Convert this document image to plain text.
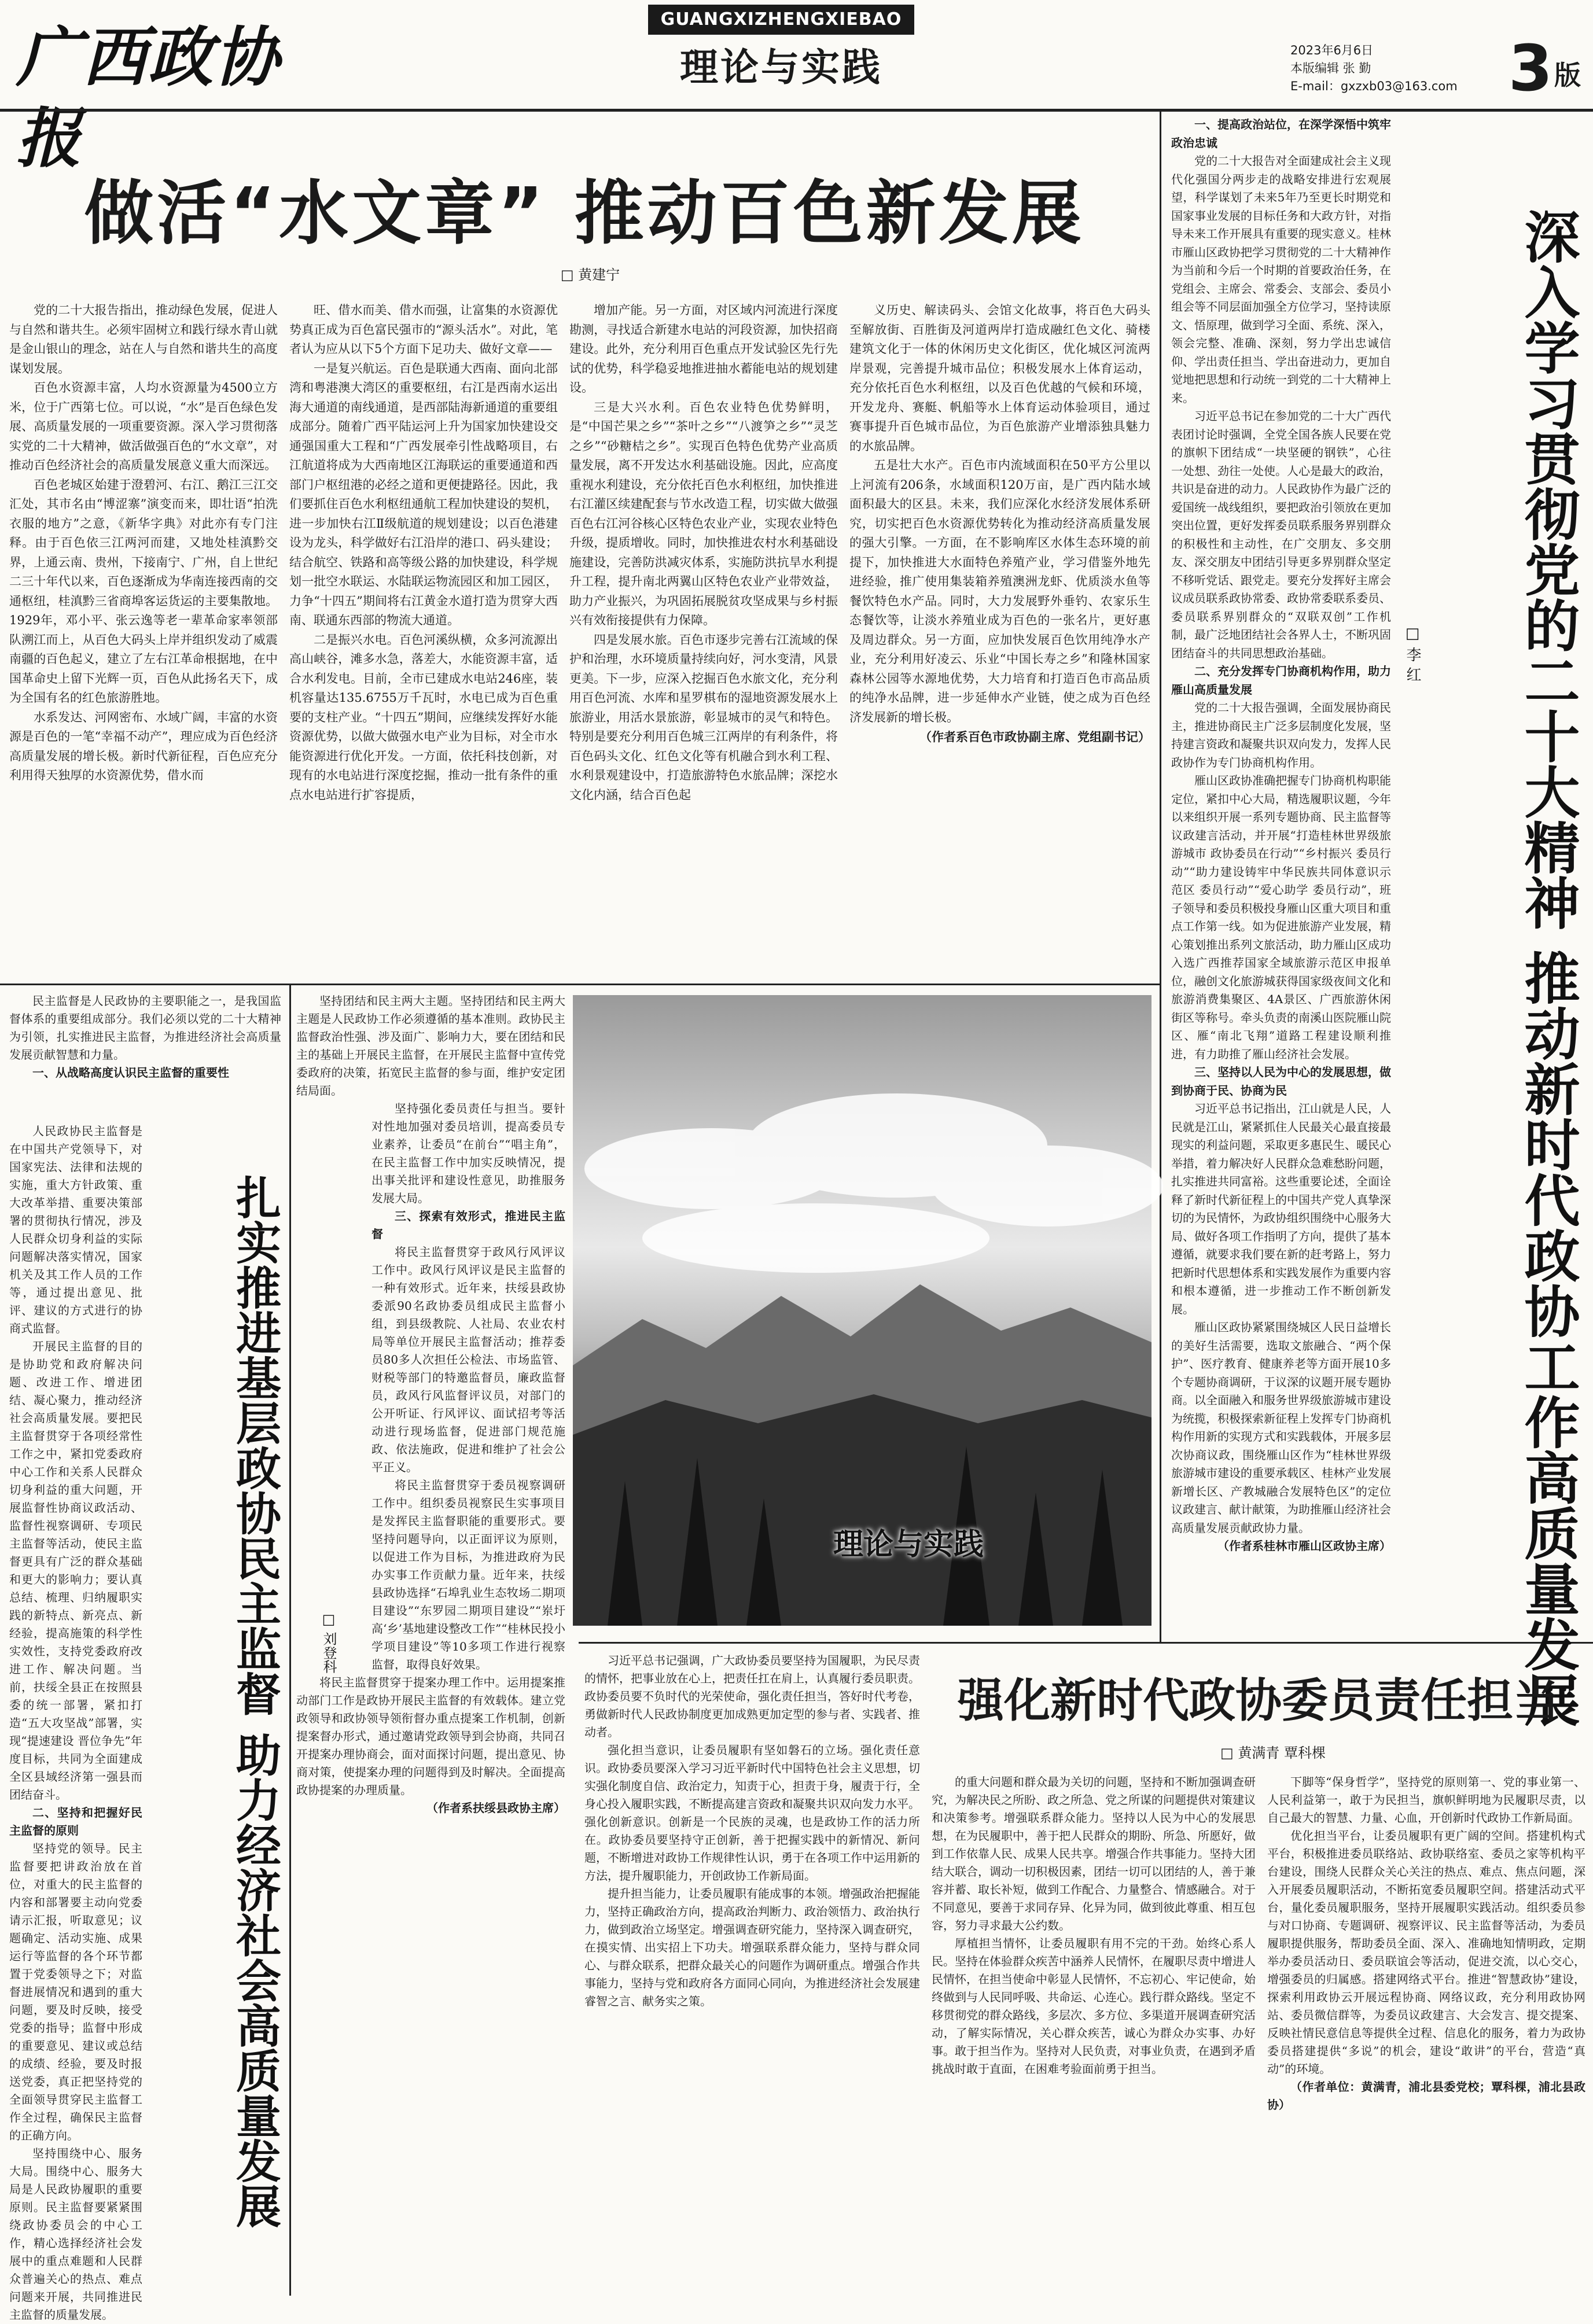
广西政协报
GUANGXIZHENGXIEBAO
理论与实践	2023年6月6日
本版编辑 张 勤
E-mail：gxzxb03@163.com 3 版
做活“水文章” 推动百色新发展
□ 黄建宁

党的二十大报告指出，推动绿色发展，促进人与自然和谐共生。必须牢固树立和践行绿水青山就是金山银山的理念，站在人与自然和谐共生的高度谋划发展。

百色水资源丰富，人均水资源量为4500立方米，位于广西第七位。可以说，“水”是百色绿色发展、高质量发展的一项重要资源。深入学习贯彻落实党的二十大精神，做活做强百色的“水文章”，对推动百色经济社会的高质量发展意义重大而深远。

百色老城区始建于澄碧河、右江、鹅江三江交汇处，其市名由“博涩寨”演变而来，即壮语“拍洗衣服的地方”之意，《新华字典》对此亦有专门注释。由于百色依三江两河而建，又地处桂滇黔交界，上通云南、贵州，下接南宁、广州，自上世纪二三十年代以来，百色逐渐成为华南连接西南的交通枢纽，桂滇黔三省商埠客运货运的主要集散地。1929年，邓小平、张云逸等老一辈革命家率领部队溯江而上，从百色大码头上岸并组织发动了威震南疆的百色起义，建立了左右江革命根据地，在中国革命史上留下光辉一页，百色从此扬名天下，成为全国有名的红色旅游胜地。

水系发达、河网密布、水域广阔，丰富的水资源是百色的一笔“幸福不动产”，理应成为百色经济高质量发展的增长极。新时代新征程，百色应充分利用得天独厚的水资源优势，借水而

旺、借水而美、借水而强，让富集的水资源优势真正成为百色富民强市的“源头活水”。对此，笔者认为应从以下5个方面下足功夫、做好文章——

一是复兴航运。百色是联通大西南、面向北部湾和粤港澳大湾区的重要枢纽，右江是西南水运出海大通道的南线通道，是西部陆海新通道的重要组成部分。随着广西平陆运河上升为国家加快建设交通强国重大工程和“广西发展牵引性战略项目，右江航道将成为大西南地区江海联运的重要通道和西部门户枢纽港的必经之道和更便捷路径。因此，我们要抓住百色水利枢纽通航工程加快建设的契机，进一步加快右江Ⅱ级航道的规划建设；以百色港建设为龙头，科学做好右江沿岸的港口、码头建设；结合航空、铁路和高等级公路的加快建设，科学规划一批空水联运、水陆联运物流园区和加工园区，力争“十四五”期间将右江黄金水道打造为贯穿大西南、联通东西部的物流大通道。

二是振兴水电。百色河溪纵横，众多河流源出高山峡谷，滩多水急，落差大，水能资源丰富，适合水利发电。目前，全市已建成水电站246座，装机容量达135.6755万千瓦时，水电已成为百色重要的支柱产业。“十四五”期间，应继续发挥好水能资源优势，以做大做强水电产业为目标，对全市水能资源进行优化开发。一方面，依托科技创新，对现有的水电站进行深度挖掘，推动一批有条件的重点水电站进行扩容提质，

增加产能。另一方面，对区域内河流进行深度勘测，寻找适合新建水电站的河段资源，加快招商建设。此外，充分利用百色重点开发试验区先行先试的优势，科学稳妥地推进抽水蓄能电站的规划建设。

三是大兴水利。百色农业特色优势鲜明，是“中国芒果之乡”“茶叶之乡”“八渡笋之乡”“灵芝之乡”“砂糖桔之乡”。实现百色特色优势产业高质量发展，离不开发达水利基础设施。因此，应高度重视水利建设，充分依托百色水利枢纽，加快推进右江灌区续建配套与节水改造工程，切实做大做强百色右江河谷核心区特色农业产业，实现农业特色升级，提质增收。同时，加快推进农村水利基础设施建设，完善防洪减灾体系，实施防洪抗旱水利提升工程，提升南北两翼山区特色农业产业带效益，助力产业振兴，为巩固拓展脱贫攻坚成果与乡村振兴有效衔接提供有力保障。

四是发展水旅。百色市逐步完善右江流域的保护和治理，水环境质量持续向好，河水变清，风景更美。下一步，应深入挖掘百色水旅文化，充分利用百色河流、水库和星罗棋布的湿地资源发展水上旅游业，用活水景旅游，彰显城市的灵气和特色。特别是要充分利用百色城三江两岸的有利条件，将百色码头文化、红色文化等有机融合到水利工程、水利景观建设中，打造旅游特色水旅品牌；深挖水文化内涵，结合百色起

义历史、解读码头、会馆文化故事，将百色大码头至解放街、百胜街及河道两岸打造成融红色文化、骑楼建筑文化于一体的休闲历史文化街区，优化城区河流两岸景观，完善提升城市品位；积极发展水上体育运动，充分依托百色水利枢纽，以及百色优越的气候和环境，开发龙舟、赛艇、帆船等水上体育运动体验项目，通过赛事提升百色城市品位，为百色旅游产业增添独具魅力的水旅品牌。

五是壮大水产。百色市内流域面积在50平方公里以上河流有206条，水域面积120万亩，是广西内陆水域面积最大的区县。未来，我们应深化水经济发展体系研究，切实把百色水资源优势转化为推动经济高质量发展的强大引擎。一方面，在不影响库区水体生态环境的前提下，加快推进大水面特色养殖产业，学习借鉴外地先进经验，推广使用集装箱养殖澳洲龙虾、优质淡水鱼等餐饮特色水产品。同时，大力发展野外垂钓、农家乐生态餐饮等，让淡水养殖业成为百色的一张名片，更好惠及周边群众。另一方面，应加快发展百色饮用纯净水产业，充分利用好凌云、乐业“中国长寿之乡”和隆林国家森林公园等水源地优势，大力培育和打造百色市高品质的纯净水品牌，进一步延伸水产业链，使之成为百色经济发展新的增长极。

（作者系百色市政协副主席、党组副书记）	深入学习贯彻党的二十大精神 推动新时代政协工作高质量发展
□ 李 红

一、提高政治站位，在深学深悟中筑牢政治忠诚

党的二十大报告对全面建成社会主义现代化强国分两步走的战略安排进行宏观展望，科学谋划了未来5年乃至更长时期党和国家事业发展的目标任务和大政方针，对指导未来工作开展具有重要的现实意义。桂林市雁山区政协把学习贯彻党的二十大精神作为当前和今后一个时期的首要政治任务，在党组会、主席会、常委会、支部会、委员小组会等不同层面加强全方位学习，坚持读原文、悟原理，做到学习全面、系统、深入，领会完整、准确、深刻，努力学出忠诚信仰、学出责任担当、学出奋进动力，更加自觉地把思想和行动统一到党的二十大精神上来。

习近平总书记在参加党的二十大广西代表团讨论时强调，全党全国各族人民要在党的旗帜下团结成“一块坚硬的钢铁”，心往一处想、劲往一处使。人心是最大的政治，共识是奋进的动力。人民政协作为最广泛的爱国统一战线组织，要把政治引领放在更加突出位置，更好发挥委员联系服务界别群众的积极性和主动性，在广交朋友、多交朋友、深交朋友中团结引导更多界别群众坚定不移听党话、跟党走。要充分发挥好主席会议成员联系政协常委、政协常委联系委员、委员联系界别群众的“双联双创”工作机制，最广泛地团结社会各界人士，不断巩固团结奋斗的共同思想政治基础。

二、充分发挥专门协商机构作用，助力雁山高质量发展

党的二十大报告强调，全面发展协商民主，推进协商民主广泛多层制度化发展，坚持建言资政和凝聚共识双向发力，发挥人民政协作为专门协商机构作用。

雁山区政协准确把握专门协商机构职能定位，紧扣中心大局，精选履职议题，今年以来组织开展一系列专题协商、民主监督等议政建言活动，并开展“打造桂林世界级旅游城市 政协委员在行动”“乡村振兴 委员行动”“助力建设铸牢中华民族共同体意识示范区 委员行动”“爱心助学 委员行动”，班子领导和委员积极投身雁山区重大项目和重点工作第一线。如为促进旅游产业发展，精心策划推出系列文旅活动，助力雁山区成功入选广西推荐国家全域旅游示范区申报单位，融创文化旅游城获得国家级夜间文化和旅游消费集聚区、4A景区、广西旅游休闲街区等称号。牵头负责的南溪山医院雁山院区、雁“南北飞翔”道路工程建设顺利推进，有力助推了雁山经济社会发展。

三、坚持以人民为中心的发展思想，做到协商于民、协商为民

习近平总书记指出，江山就是人民，人民就是江山，紧紧抓住人民最关心最直接最现实的利益问题，采取更多惠民生、暖民心举措，着力解决好人民群众急难愁盼问题，扎实推进共同富裕。这些重要论述，全面诠释了新时代新征程上的中国共产党人真挚深切的为民情怀，为政协组织围绕中心服务大局、做好各项工作指明了方向，提供了基本遵循，就要求我们要在新的赶考路上，努力把新时代思想体系和实践发展作为重要内容和根本遵循，进一步推动工作不断创新发展。

雁山区政协紧紧围绕城区人民日益增长的美好生活需要，选取文旅融合、“两个保护”、医疗教育、健康养老等方面开展10多个专题协商调研，于议深的议题开展专题协商。以全面融入和服务世界级旅游城市建设为统揽，积极探索新征程上发挥专门协商机构作用新的实现方式和实践载体，开展多层次协商议政，围绕雁山区作为“桂林世界级旅游城市建设的重要承载区、桂林产业发展新增长区、产教城融合发展特色区”的定位议政建言、献计献策，为助推雁山经济社会高质量发展贡献政协力量。

（作者系桂林市雁山区政协主席）

理论与实践

民主监督是人民政协的主要职能之一，是我国监督体系的重要组成部分。我们必须以党的二十大精神为引领，扎实推进民主监督，为推进经济社会高质量发展贡献智慧和力量。

一、从战略高度认识民主监督的重要性

人民政协民主监督是在中国共产党领导下，对国家宪法、法律和法规的实施，重大方针政策、重大改革举措、重要决策部署的贯彻执行情况，涉及人民群众切身利益的实际问题解决落实情况，国家机关及其工作人员的工作等，通过提出意见、批评、建议的方式进行的协商式监督。

开展民主监督的目的是协助党和政府解决问题、改进工作、增进团结、凝心聚力，推动经济社会高质量发展。要把民主监督贯穿于各项经常性工作之中，紧扣党委政府中心工作和关系人民群众切身利益的重大问题，开展监督性协商议政活动、监督性视察调研、专项民主监督等活动，使民主监督更具有广泛的群众基础和更大的影响力；要认真总结、梳理、归纳履职实践的新特点、新亮点、新经验，提高施策的科学性实效性，支持党委政府改进工作、解决问题。当前，扶绥全县正在按照县委的统一部署，紧扣打造“五大攻坚战”部署，实现“提速建设 晋位争先”年度目标，共同为全面建成全区县域经济第一强县而团结奋斗。

二、坚持和把握好民主监督的原则

坚持党的领导。民主监督要把讲政治放在首位，对重大的民主监督的内容和部署要主动向党委请示汇报，听取意见；议题确定、活动实施、成果运行等监督的各个环节都置于党委领导之下；对监督进展情况和遇到的重大问题，要及时反映，接受党委的指导；监督中形成的重要意见、建议或总结的成绩、经验，要及时报送党委，真正把坚持党的全面领导贯穿民主监督工作全过程，确保民主监督的正确方向。

坚持围绕中心、服务大局。围绕中心、服务大局是人民政协履职的重要原则。民主监督要紧紧围绕政协委员会的中心工作，精心选择经济社会发展中的重点难题和人民群众普遍关心的热点、难点问题来开展，共同推进民主监督的质量发展。

扎实推进基层政协民主监督 助力经济社会高质量发展	□ 刘登科

坚持团结和民主两大主题。坚持团结和民主两大主题是人民政协工作必须遵循的基本准则。政协民主监督政治性强、涉及面广、影响力大，要在团结和民主的基础上开展民主监督，在开展民主监督中宣传党委政府的决策，拓宽民主监督的参与面，维护安定团结局面。

坚持强化委员责任与担当。要针对性地加强对委员培训，提高委员专业素养，让委员“在前台”“唱主角”，在民主监督工作中加实反映情况，提出事关批评和建设性意见，助推服务发展大局。

三、探索有效形式，推进民主监督

将民主监督贯穿于政风行风评议工作中。政风行风评议是民主监督的一种有效形式。近年来，扶绥县政协委派90名政协委员组成民主监督小组，到县级教院、人社局、农业农村局等单位开展民主监督活动；推荐委员80多人次担任公检法、市场监管、财税等部门的特邀监督员，廉政监督员，政风行风监督评议员，对部门的公开听证、行风评议、面试招考等活动进行现场监督，促进部门规范施政、依法施政，促进和维护了社会公平正义。

将民主监督贯穿于委员视察调研工作中。组织委员视察民生实事项目是发挥民主监督职能的重要形式。要坚持问题导向，以正面评议为原则，以促进工作为目标，为推进政府为民办实事工作贡献力量。近年来，扶绥县政协选择“石埠乳业生态牧场二期项目建设”“东罗园二期项目建设”“岽圩高‘乡’基地建设整改工作”“桂林民投小学项目建设”等10多项工作进行视察监督，取得良好效果。

将民主监督贯穿于提案办理工作中。运用提案推动部门工作是政协开展民主监督的有效载体。建立党政领导和政协领导领衔督办重点提案工作机制，创新提案督办形式，通过邀请党政领导到会协商，共同召开提案办理协商会，面对面探讨问题，提出意见、协商对策，使提案办理的问题得到及时解决。全面提高政协提案的办理质量。

（作者系扶绥县政协主席）

强化新时代政协委员责任担当
□ 黄满青 覃科棵

习近平总书记强调，广大政协委员要坚持为国履职，为民尽责的情怀，把事业放在心上，把责任扛在肩上，认真履行委员职责。政协委员要不负时代的光荣使命，强化责任担当，答好时代考卷，勇做新时代人民政协制度更加成熟更加定型的参与者、实践者、推动者。

强化担当意识，让委员履职有坚如磐石的立场。强化责任意识。政协委员要深入学习习近平新时代中国特色社会主义思想，切实强化制度自信、政治定力，知责于心，担责于身，履责于行，全身心投入履职实践，不断提高建言资政和凝聚共识双向发力水平。强化创新意识。创新是一个民族的灵魂，也是政协工作的活力所在。政协委员要坚持守正创新，善于把握实践中的新情况、新问题，不断增进对政协工作规律性认识，勇于在各项工作中运用新的方法，提升履职能力，开创政协工作新局面。

提升担当能力，让委员履职有能成事的本领。增强政治把握能力，坚持正确政治方向，提高政治判断力、政治领悟力、政治执行力，做到政治立场坚定。增强调查研究能力，坚持深入调查研究，在摸实情、出实招上下功夫。增强联系群众能力，坚持与群众同心、与群众联系，把群众最关心的问题作为调研重点。增强合作共事能力，坚持与党和政府各方面同心同向，为推进经济社会发展建睿智之言、献务实之策。

的重大问题和群众最为关切的问题，坚持和不断加强调查研究，为解决民之所盼、政之所急、党之所谋的问题提供对策建议和决策参考。增强联系群众能力。坚持以人民为中心的发展思想，在为民履职中，善于把人民群众的期盼、所急、所愿好，做到工作依靠人民、成果人民共享。增强合作共事能力。坚持大团结大联合，调动一切积极因素，团结一切可以团结的人，善于兼容并蓄、取长补短，做到工作配合、力量整合、情感融合。对于不同意见，要善于求同存异、化异为同，做到彼此尊重、相互包容，努力寻求最大公约数。

厚植担当情怀，让委员履职有用不完的干劲。始终心系人民。坚持在体验群众疾苦中涵养人民情怀，在履职尽责中增进人民情怀，在担当使命中彰显人民情怀，不忘初心、牢记使命，始终做到与人民同呼吸、共命运、心连心。践行群众路线。坚定不移贯彻党的群众路线，多层次、多方位、多渠道开展调查研究活动，了解实际情况，关心群众疾苦，诚心为群众办实事、办好事。敢于担当作为。坚持对人民负责，对事业负责，在遇到矛盾挑战时敢于直面，在困难考验面前勇于担当。

下脚等“保身哲学”，坚持党的原则第一、党的事业第一、人民利益第一，敢于为民担当，旗帜鲜明地为民履职尽责，以自己最大的智慧、力量、心血，开创新时代政协工作新局面。

优化担当平台，让委员履职有更广阔的空间。搭建机构式平台，积极推进委员联络站、政协联络室、委员之家等机构平台建设，围绕人民群众关心关注的热点、难点、焦点问题，深入开展委员履职活动，不断拓宽委员履职空间。搭建活动式平台，量化委员履职服务，坚持开展履职实践活动。组织委员参与对口协商、专题调研、视察评议、民主监督等活动，为委员履职提供服务，帮助委员全面、深入、准确地知情明政，定期举办委员活动日、委员联谊会等活动，促进交流，以心交心，增强委员的归属感。搭建网络式平台。推进“智慧政协”建设，探索利用政协云开展远程协商、网络议政，充分利用政协网站、委员微信群等，为委员议政建言、大会发言、提交提案、反映社情民意信息等提供全过程、信息化的服务，着力为政协委员搭建提供“多说”的机会，建设“敢讲”的平台，营造“真动”的环境。

（作者单位：黄满青，浦北县委党校；覃科棵，浦北县政协）
